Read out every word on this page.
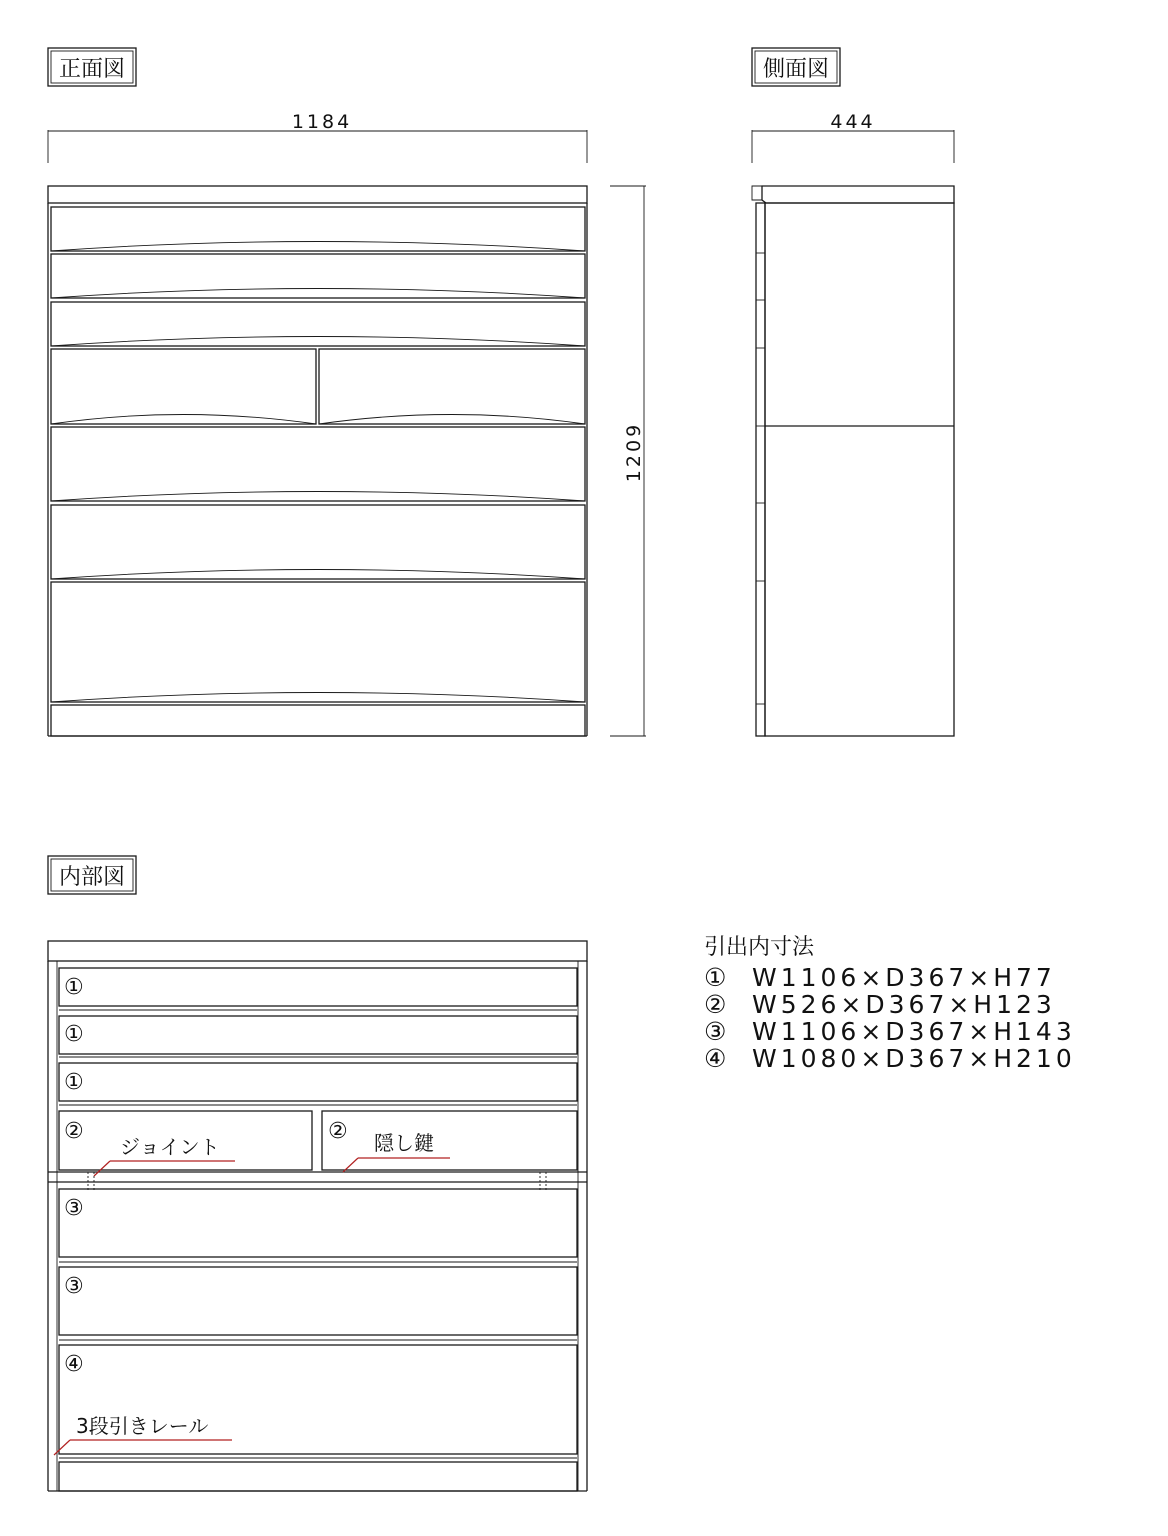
正面図
1184
1209
側面図
444
内部図
①
①
①
②	②
③
③
④
ジョイント	隠し鍵
3段引きレール
引出内寸法
① W1106×D367×H77
② W526×D367×H123
③ W1106×D367×H143
④ W1080×D367×H210
